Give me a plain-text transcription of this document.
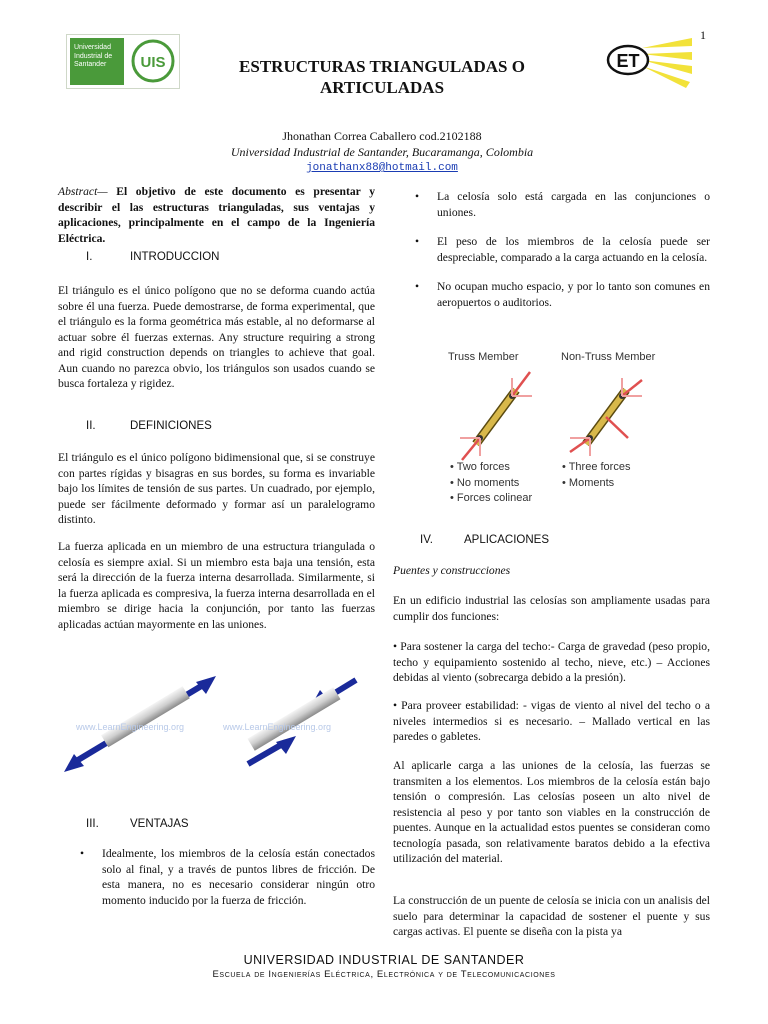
Universidad Industrial de Santander	UIS	ET
1
ESTRUCTURAS TRIANGULADAS O ARTICULADAS
Jhonathan Correa Caballero cod.2102188
Universidad Industrial de Santander, Bucaramanga, Colombia
jonathanx88@hotmail.com
Abstract— El objetivo de este documento es presentar y describir el las estructuras trianguladas, sus ventajas y aplicaciones, principalmente en el campo de la Ingeniería Eléctrica.
I.	INTRODUCCION
El triángulo es el único polígono que no se deforma cuando actúa sobre él una fuerza. Puede demostrarse, de forma experimental, que el triángulo es la forma geométrica más estable, al no deformarse al actuar sobre él fuerzas externas. Any structure requiring a strong and rigid construction depends on triangles to achieve that goal. Aun cuando no parezca obvio, los triángulos son usados cuando se busca fortaleza y rigidez.
II.	DEFINICIONES
El triángulo es el único polígono bidimensional que, si se construye con partes rígidas y bisagras en sus bordes, su forma es invariable bajo los límites de tensión de sus partes. Un cuadrado, por ejemplo, puede ser fácilmente deformado y formar así un paralelogramo distinto.
La fuerza aplicada en un miembro de una estructura triangulada o celosía es siempre axial. Si un miembro esta baja una tensión, esta será la dirección de la fuerza interna desarrollada. Similarmente, si la fuerza aplicada es compresiva, la fuerza interna desarrollada en el miembro se dirige hacia la conjunción, por tanto las fuerzas aplicadas actúan mayormente en las uniones.
www.LearnEngineering.org	www.LearnEngineering.org
III.	VENTAJAS
• Idealmente, los miembros de la celosía están conectados solo al final, y a través de puntos libres de fricción. De esta manera, no es necesario considerar ningún otro momento inducido por la fuerza de fricción.
• La celosía solo está cargada en las conjunciones o uniones.
• El peso de los miembros de la celosía puede ser despreciable, comparado a la carga actuando en la celosía.
• No ocupan mucho espacio, y por lo tanto son comunes en aeropuertos o auditorios.
Truss Member	Non-Truss Member
• Two forces
• No moments
• Forces colinear
• Three forces
• Moments
IV.	APLICACIONES
Puentes y construcciones
En un edificio industrial las celosías son ampliamente usadas para cumplir dos funciones:
• Para sostener la carga del techo:- Carga de gravedad (peso propio, techo y equipamiento sostenido al techo, nieve, etc.) – Acciones debidas al viento (sobrecarga debido a la presión).
• Para proveer estabilidad: - vigas de viento al nivel del techo o a niveles intermedios si es necesario. – Mallado vertical en las paredes o gabletes.
Al aplicarle carga a las uniones de la celosía, las fuerzas se transmiten a los elementos. Los miembros de la celosía están bajo tensión o compresión. Las celosías poseen un alto nivel de resistencia al peso y por tanto son viables en la construcción de puentes. Aunque en la actualidad estos puentes se consideran como tecnología pasada, son relativamente baratos debido a la efectiva utilización del material.
La construcción de un puente de celosía se inicia con un analisis del suelo para determinar la capacidad de sostener el puente y sus cargas activas. El puente se diseña con la pista ya
UNIVERSIDAD INDUSTRIAL DE SANTANDER
Escuela de Ingenierías Eléctrica, Electrónica y de Telecomunicaciones
